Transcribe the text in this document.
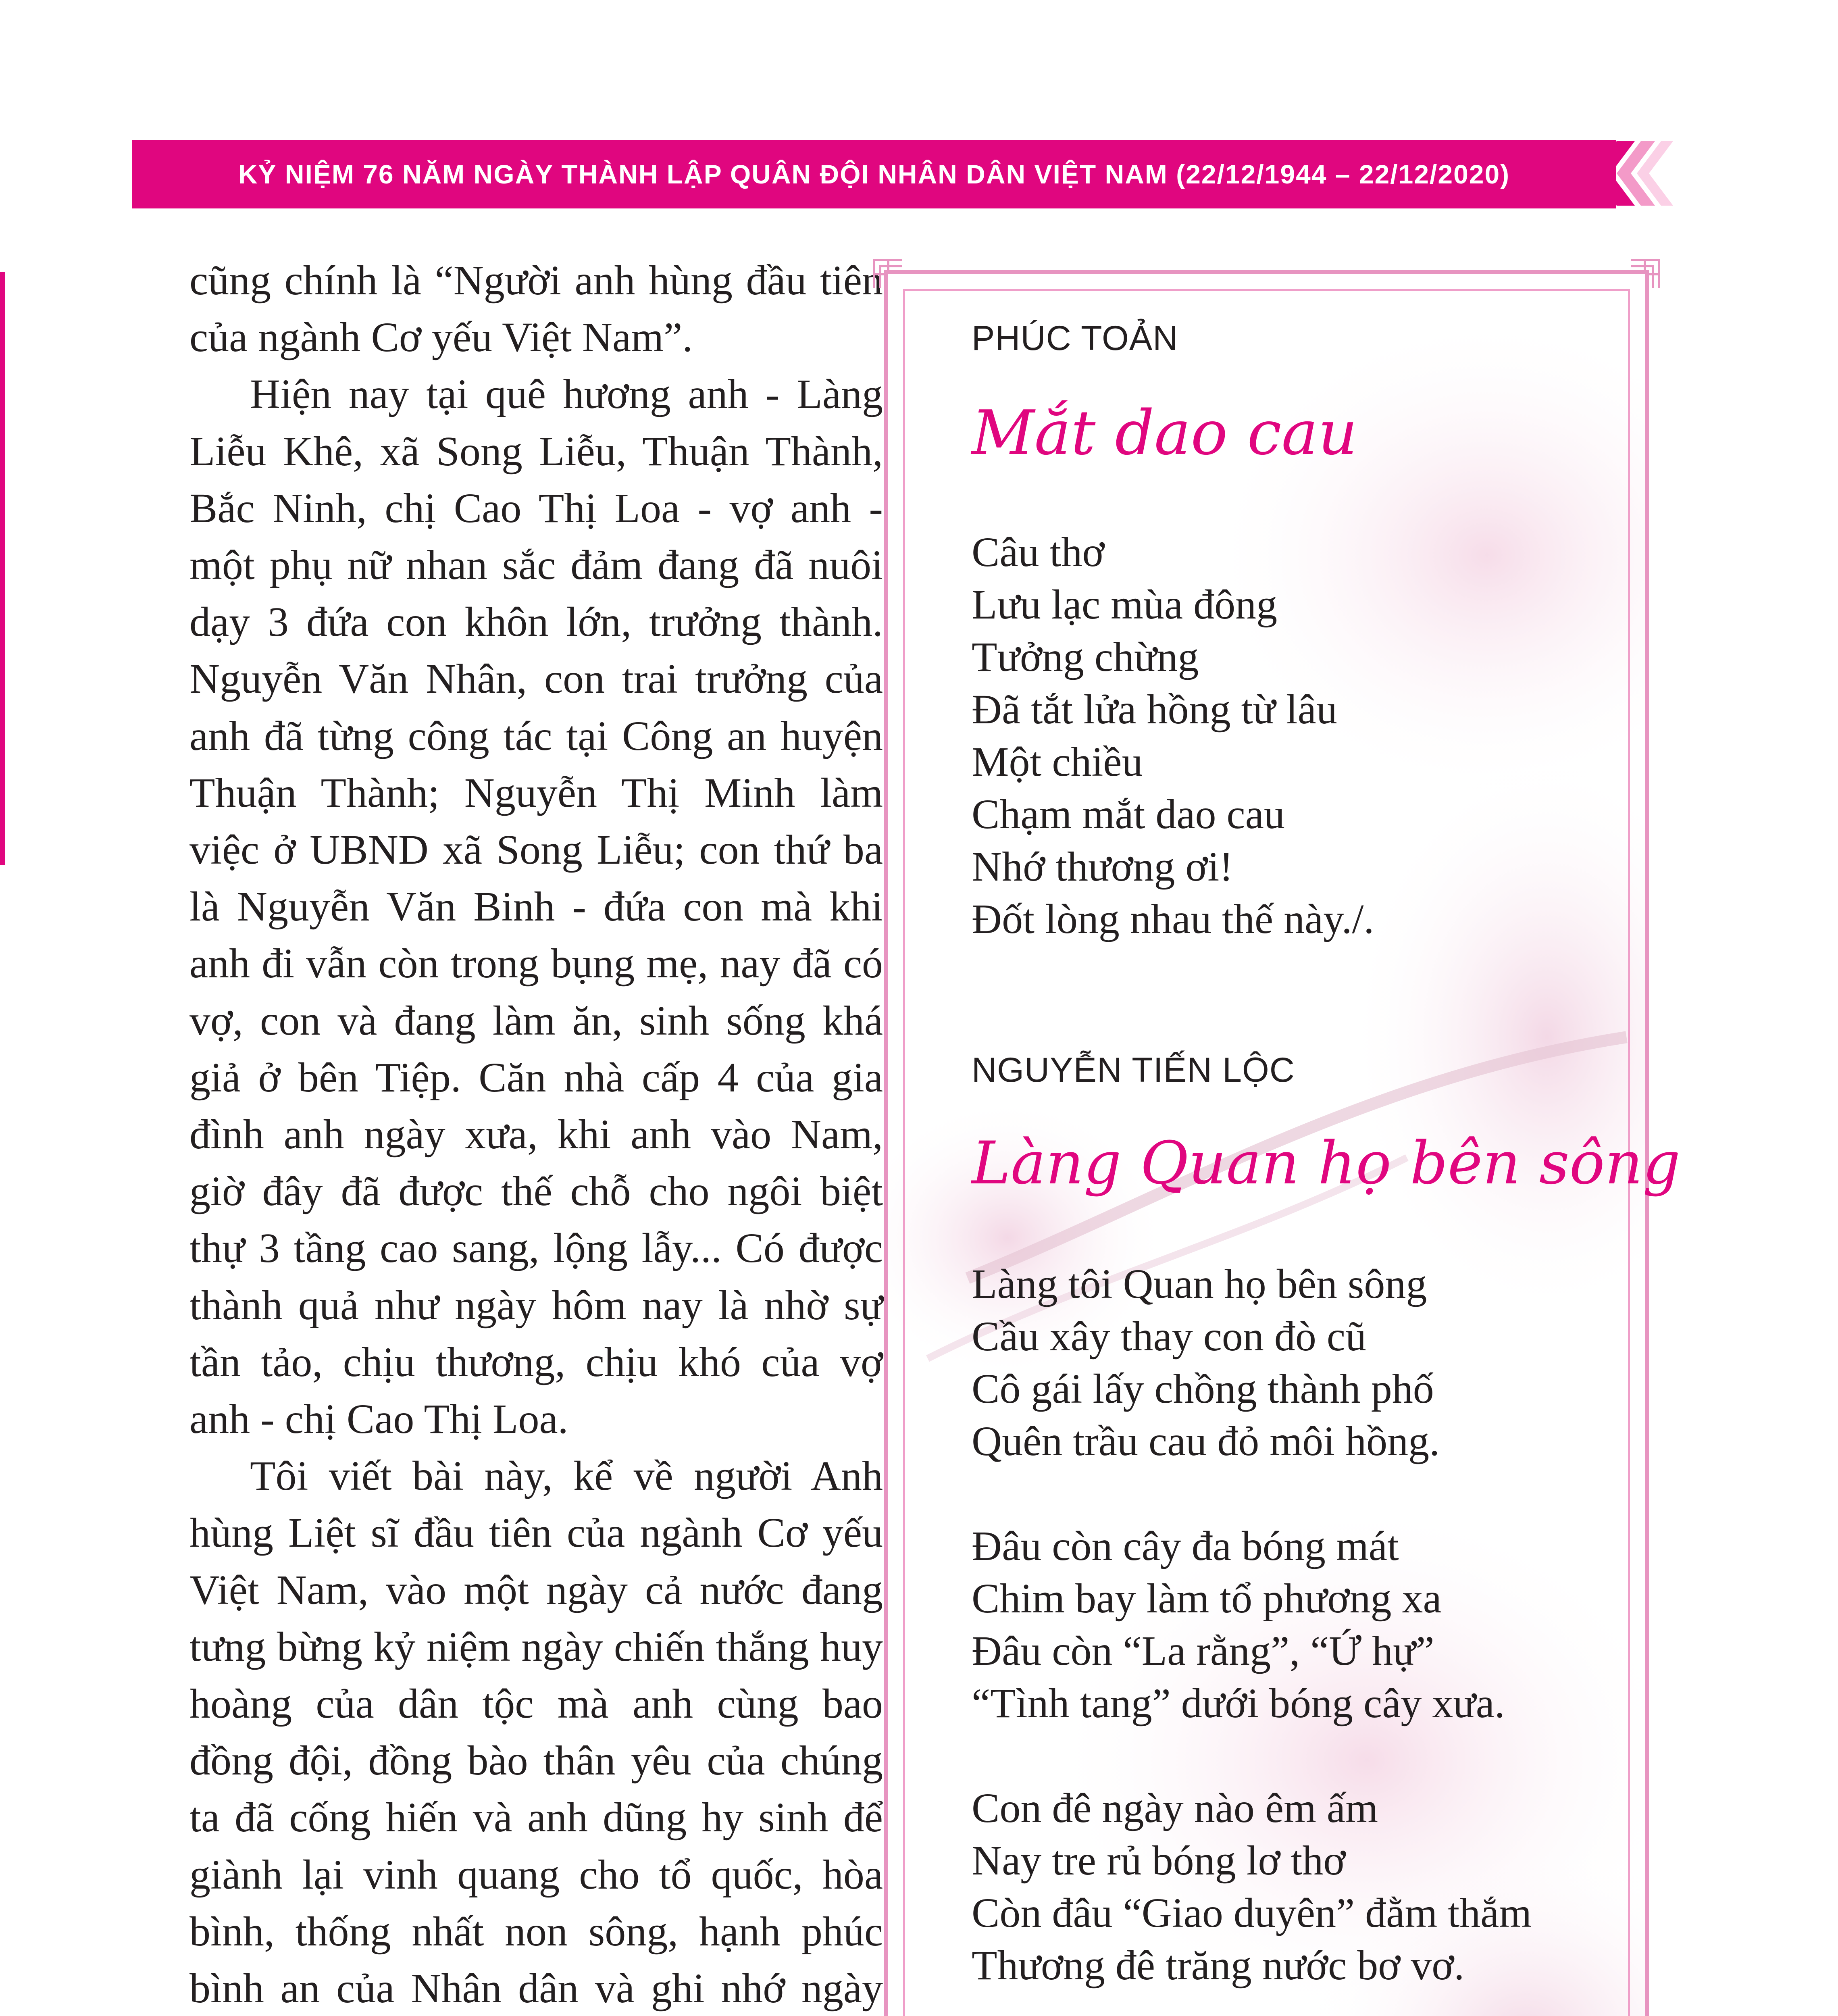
KỶ NIỆM 76 NĂM NGÀY THÀNH LẬP QUÂN ĐỘI NHÂN DÂN VIỆT NAM (22/12/1944 – 22/12/2020)

cũng chính là “Người anh hùng đầu tiên của ngành Cơ yếu Việt Nam”.

Hiện nay tại quê hương anh - Làng Liễu Khê, xã Song Liễu, Thuận Thành, Bắc Ninh, chị Cao Thị Loa - vợ anh - một phụ nữ nhan sắc đảm đang đã nuôi dạy 3 đứa con khôn lớn, trưởng thành. Nguyễn Văn Nhân, con trai trưởng của anh đã từng công tác tại Công an huyện Thuận Thành; Nguyễn Thị Minh làm việc ở UBND xã Song Liễu; con thứ ba là Nguyễn Văn Binh - đứa con mà khi anh đi vẫn còn trong bụng mẹ, nay đã có vợ, con và đang làm ăn, sinh sống khá giả ở bên Tiệp. Căn nhà cấp 4 của gia đình anh ngày xưa, khi anh vào Nam, giờ đây đã được thế chỗ cho ngôi biệt thự 3 tầng cao sang, lộng lẫy... Có được thành quả như ngày hôm nay là nhờ sự tần tảo, chịu thương, chịu khó của vợ anh - chị Cao Thị Loa.

Tôi viết bài này, kể về người Anh hùng Liệt sĩ đầu tiên của ngành Cơ yếu Việt Nam, vào một ngày cả nước đang tưng bừng kỷ niệm ngày chiến thắng huy hoàng của dân tộc mà anh cùng bao đồng đội, đồng bào thân yêu của chúng ta đã cống hiến và anh dũng hy sinh để giành lại vinh quang cho tổ quốc, hòa bình, thống nhất non sông, hạnh phúc bình an của Nhân dân và ghi nhớ ngày

PHÚC TOẢN
Mắt dao cau
Câu thơ
Lưu lạc mùa đông
Tưởng chừng
Đã tắt lửa hồng từ lâu
Một chiều
Chạm mắt dao cau
Nhớ thương ơi!
Đốt lòng nhau thế này./.
NGUYỄN TIẾN LỘC
Làng Quan họ bên sông
Làng tôi Quan họ bên sông
Cầu xây thay con đò cũ
Cô gái lấy chồng thành phố
Quên trầu cau đỏ môi hồng.
Đâu còn cây đa bóng mát
Chim bay làm tổ phương xa
Đâu còn “La rằng”, “Ứ hự”
“Tình tang” dưới bóng cây xưa.
Con đê ngày nào êm ấm
Nay tre rủ bóng lơ thơ
Còn đâu “Giao duyên” đằm thắm
Thương đê trăng nước bơ vơ.
